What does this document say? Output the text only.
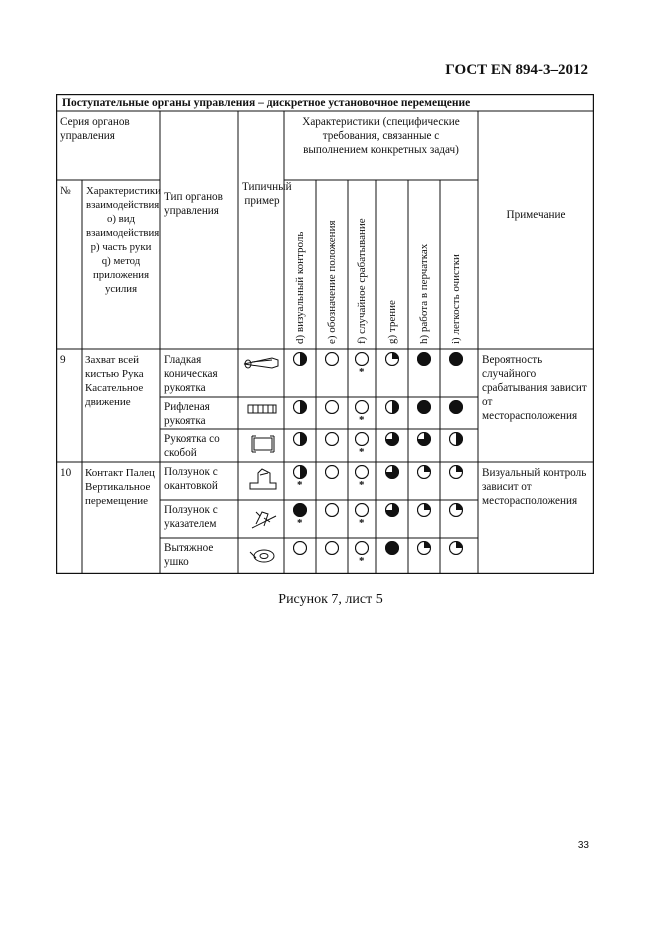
ГОСТ EN 894-3–2012
Поступательные органы управления – дискретное установочное перемещение
Серия органов управления
Характеристики (специфические требования, связанные с выполнением конкретных задач)
№ Характеристики взаимодействия о) вид взаимодействия р) часть руки q) метод приложения усилия
Тип органов управления
Типичный пример
Примечание
d) визуальный контроль e) обозначение положения f) случайное срабатывание g) трение h) работа в перчатках i) легкость очистки
9 Захват всей кистью Рука Касательное движение
Вероятность случайного срабатывания зависит от месторасположения
10 Контакт Палец Вертикальное перемещение
Визуальный контроль зависит от месторасположения
Гладкая коническая рукоятка
Рифленая рукоятка
Рукоятка со скобой
Ползунок с окантовкой
Ползунок с указателем
Вытяжное ушко
*
*
*
*	*
*	*
*
Рисунок 7, лист 5
33
